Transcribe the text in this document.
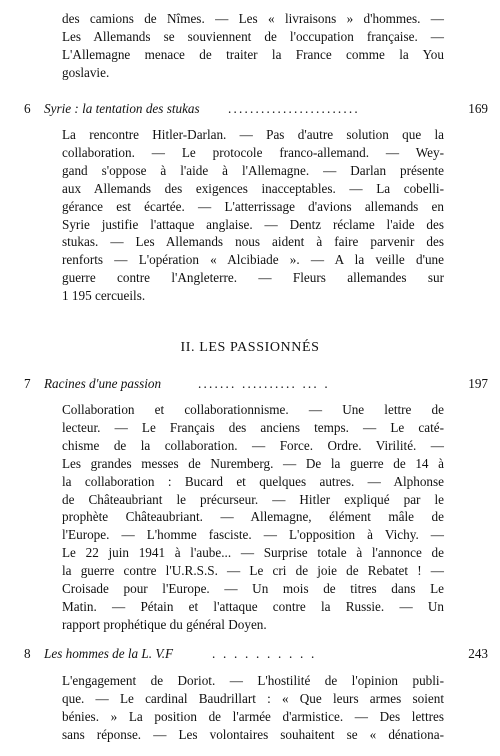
des camions de Nîmes. — Les « livraisons » d'hommes. —
Les Allemands se souviennent de l'occupation française. —
L'Allemagne menace de traiter la France comme la You
goslavie.

6 Syrie : la tentation des stukas ........................	169

La rencontre Hitler-Darlan. — Pas d'autre solution que la
collaboration. — Le protocole franco-allemand. — Wey-
gand s'oppose à l'aide à l'Allemagne. — Darlan présente
aux Allemands des exigences inacceptables. — La cobelli-
gérance est écartée. — L'atterrissage d'avions allemands en
Syrie justifie l'attaque anglaise. — Dentz réclame l'aide des
stukas. — Les Allemands nous aident à faire parvenir des
renforts — L'opération « Alcibiade ». — A la veille d'une
guerre contre l'Angleterre. — Fleurs allemandes sur
1 195 cercueils.

II. LES PASSIONNÉS
7 Racines d'une passion	....... .......... ... .	197

Collaboration et collaborationnisme. — Une lettre de
lecteur. — Le Français des anciens temps. — Le caté-
chisme de la collaboration. — Force. Ordre. Virilité. —
Les grandes messes de Nuremberg. — De la guerre de 14 à
la collaboration : Bucard et quelques autres. — Alphonse
de Châteaubriant le précurseur. — Hitler expliqué par le
prophète Châteaubriant. — Allemagne, élément mâle de
l'Europe. — L'homme fasciste. — L'opposition à Vichy. —
Le 22 juin 1941 à l'aube... — Surprise totale à l'annonce de
la guerre contre l'U.R.S.S. — Le cri de joie de Rebatet ! —
Croisade pour l'Europe. — Un mois de titres dans Le
Matin. — Pétain et l'attaque contre la Russie. — Un
rapport prophétique du général Doyen.

8 Les hommes de la L. V.F	. . . . . . . . . .	243

L'engagement de Doriot. — L'hostilité de l'opinion publi-
que. — Le cardinal Baudrillart : « Que leurs armes soient
bénies. » La position de l'armée d'armistice. — Des lettres
sans réponse. — Les volontaires souhaitent se « dénationa-
